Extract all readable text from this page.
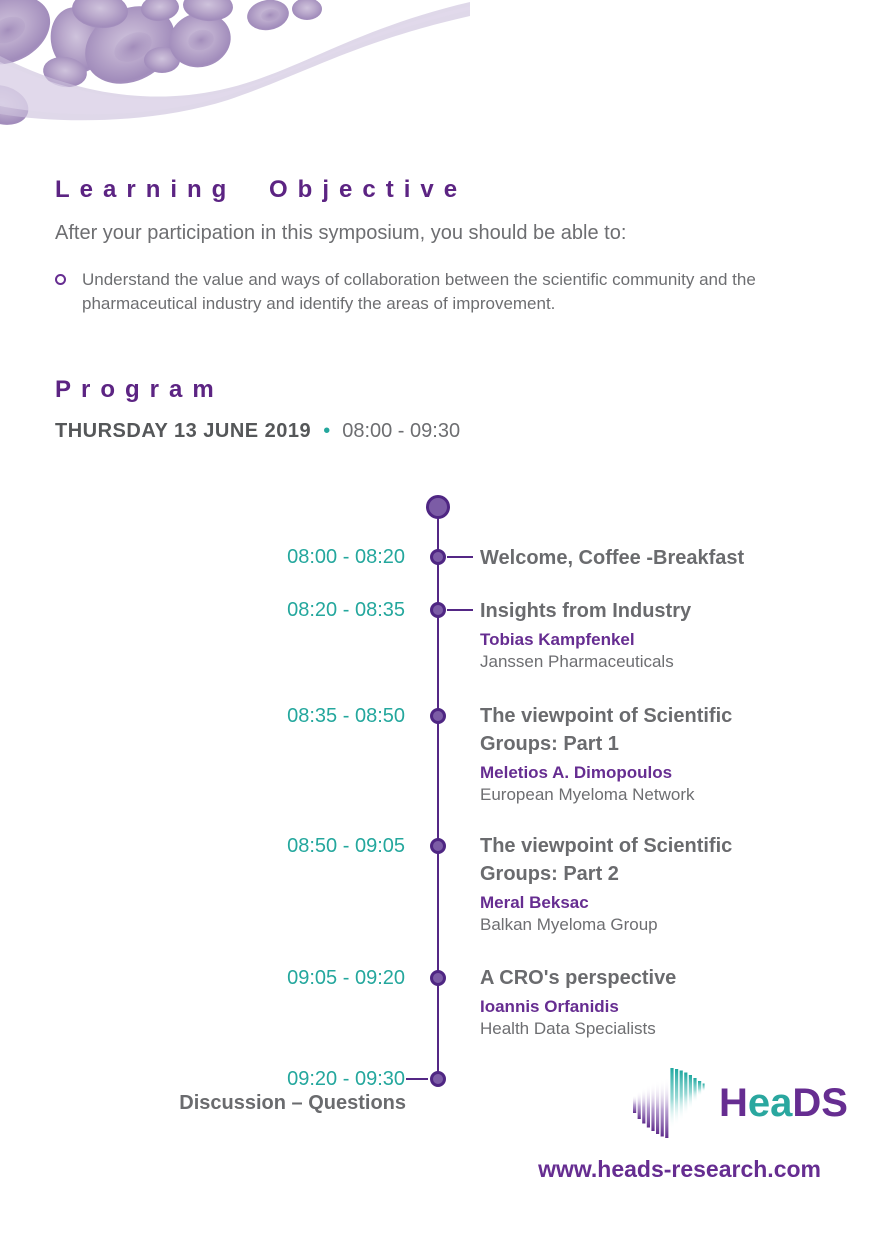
Learning Objective

After your participation in this symposium, you should be able to:

Understand the value and ways of collaboration between the scientific community and the pharmaceutical industry and identify the areas of improvement.
Program
THURSDAY 13 JUNE 2019 • 08:00 - 09:30
08:00 - 08:20
08:20 - 08:35
08:35 - 08:50
08:50 - 09:05
09:05 - 09:20
09:20 - 09:30
Welcome, Coffee -Breakfast
Insights from Industry
Tobias Kampfenkel
Janssen Pharmaceuticals
The viewpoint of Scientific Groups: Part 1
Meletios A. Dimopoulos
European Myeloma Network
The viewpoint of Scientific Groups: Part 2
Meral Beksac
Balkan Myeloma Group
A CRO's perspective
Ioannis Orfanidis
Health Data Specialists
Discussion – Questions	HeaDS
www.heads-research.com
